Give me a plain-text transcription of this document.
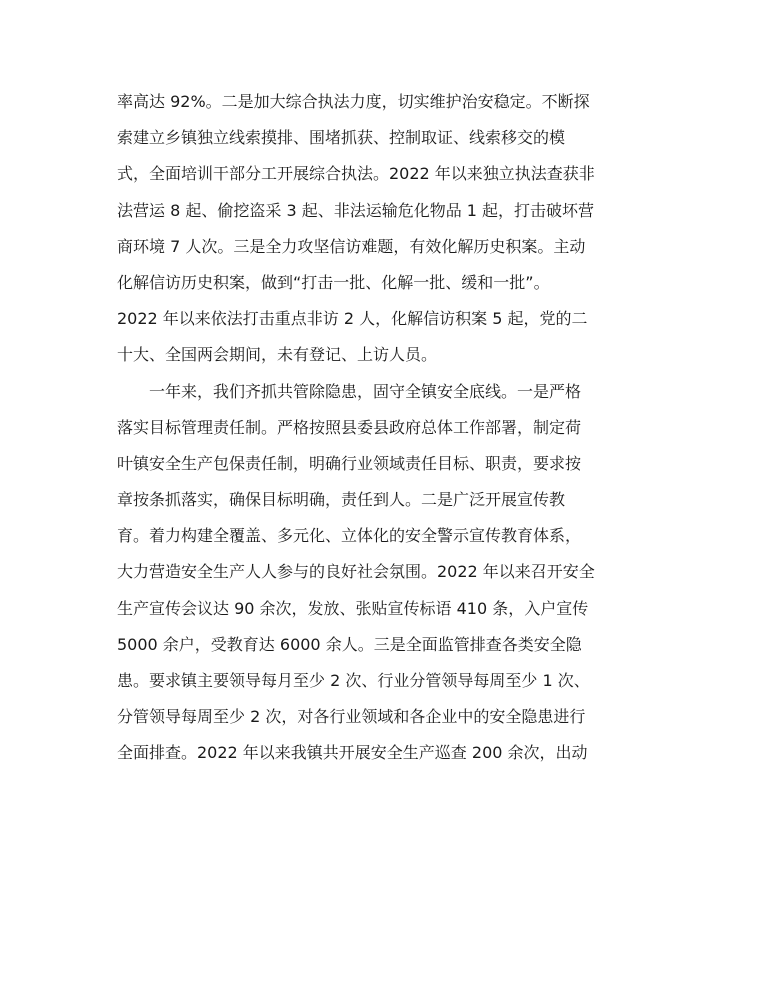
率高达 92%。二是加大综合执法力度，切实维护治安稳定。不断探
索建立乡镇独立线索摸排、围堵抓获、控制取证、线索移交的模
式，全面培训干部分工开展综合执法。2022 年以来独立执法查获非
法营运 8 起、偷挖盗采 3 起、非法运输危化物品 1 起，打击破坏营
商环境 7 人次。三是全力攻坚信访难题，有效化解历史积案。主动
化解信访历史积案，做到“打击一批、化解一批、缓和一批”。
2022 年以来依法打击重点非访 2 人，化解信访积案 5 起，党的二
十大、全国两会期间，未有登记、上访人员。
　　一年来，我们齐抓共管除隐患，固守全镇安全底线。一是严格
落实目标管理责任制。严格按照县委县政府总体工作部署，制定荷
叶镇安全生产包保责任制，明确行业领域责任目标、职责，要求按
章按条抓落实，确保目标明确，责任到人。二是广泛开展宣传教
育。着力构建全覆盖、多元化、立体化的安全警示宣传教育体系，
大力营造安全生产人人参与的良好社会氛围。2022 年以来召开安全
生产宣传会议达 90 余次，发放、张贴宣传标语 410 条，入户宣传
5000 余户，受教育达 6000 余人。三是全面监管排查各类安全隐
患。要求镇主要领导每月至少 2 次、行业分管领导每周至少 1 次、
分管领导每周至少 2 次，对各行业领域和各企业中的安全隐患进行
全面排查。2022 年以来我镇共开展安全生产巡查 200 余次，出动
